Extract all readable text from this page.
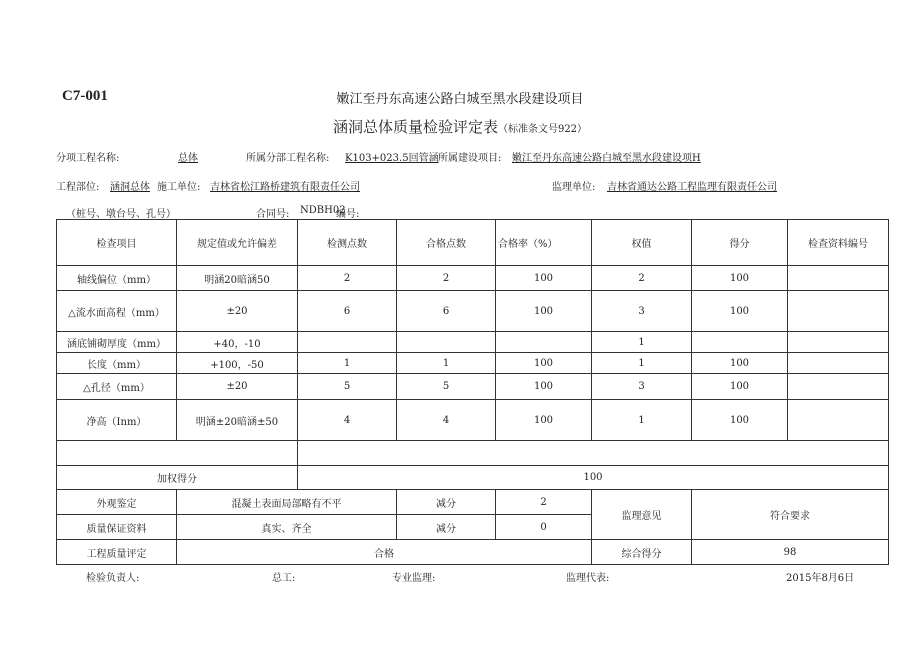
C7-001	嫩江至丹东高速公路白城至黑水段建设项目
涵洞总体质量检验评定表（标准条文号922）
分项工程名称:	总体	所属分部工程名称: K103+023.5回管涵 所属建设项目: 嫩江至丹东高速公路白城至黑水段建设项H
工程部位: 涵洞总体 施工单位: 吉林省松江路桥建筑有限责任公司	监理单位: 吉林省通达公路工程监理有限责任公司
（桩号、墩台号、孔号）	合同号: NDBH02
编号:
检查项目	规定值或允许偏差	检测点数	合格点数	合格率（%）	权值	得分	检查资料编号
轴线偏位（mm）	明涵20暗涵50	2	2	100	2	100	
△流水面高程（mm）	±20	6	6	100	3	100	
涵底铺砌厚度（mm）	+40，-10				1		
长度（mm）	+100，-50	1	1	100	1	100	
△孔径（mm）	±20	5	5	100	3	100	
净高（Inm）	明涵±20暗涵±50	4	4	100	1	100	

加权得分		100					
外观鉴定	混凝土表面局部略有不平		减分	2	监理意见	符合要求	
质量保证资料	真实、齐全		减分	0			
工程质量评定	合格				综合得分	98	
检验负责人:	总工:	专业监理:	监理代表:	2015年8月6日
